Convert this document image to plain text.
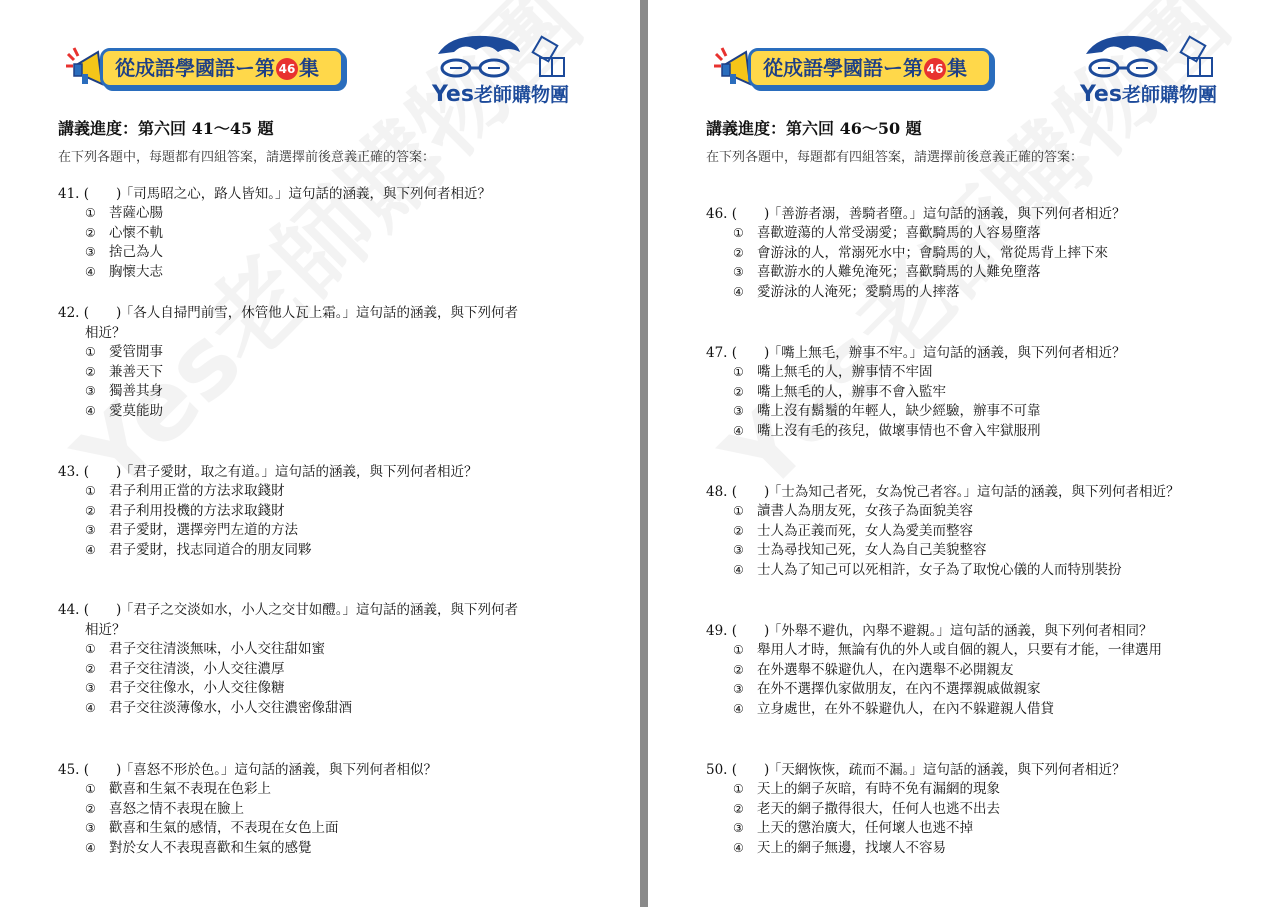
從成語學國語ー第 46 集
Yes老師購物團
講義進度：第六回 41～45 題
在下列各題中，每題都有四組答案，請選擇前後意義正確的答案：
41. (　　)「司馬昭之心，路人皆知。」這句話的涵義，與下列何者相近？
① 菩薩心腸
② 心懷不軌
③ 捨己為人
④ 胸懷大志
42. (　　)「各人自掃門前雪，休管他人瓦上霜。」這句話的涵義，與下列何者
相近？
① 愛管閒事
② 兼善天下
③ 獨善其身
④ 愛莫能助
43. (　　)「君子愛財，取之有道。」這句話的涵義，與下列何者相近？
① 君子利用正當的方法求取錢財
② 君子利用投機的方法求取錢財
③ 君子愛財，選擇旁門左道的方法
④ 君子愛財，找志同道合的朋友同夥
44. (　　)「君子之交淡如水，小人之交甘如醴。」這句話的涵義，與下列何者
相近？
① 君子交往清淡無味，小人交往甜如蜜
② 君子交往清淡，小人交往濃厚
③ 君子交往像水，小人交往像糖
④ 君子交往淡薄像水，小人交往濃密像甜酒
45. (　　)「喜怒不形於色。」這句話的涵義，與下列何者相似？
① 歡喜和生氣不表現在色彩上
② 喜怒之情不表現在臉上
③ 歡喜和生氣的感情，不表現在女色上面
④ 對於女人不表現喜歡和生氣的感覺
從成語學國語ー第 46 集
Yes老師購物團
講義進度：第六回 46～50 題
在下列各題中，每題都有四組答案，請選擇前後意義正確的答案：
46. (　　)「善游者溺，善騎者墮。」這句話的涵義，與下列何者相近？
① 喜歡遊蕩的人常受溺愛；喜歡騎馬的人容易墮落
② 會游泳的人，常溺死水中；會騎馬的人，常從馬背上摔下來
③ 喜歡游水的人難免淹死；喜歡騎馬的人難免墮落
④ 愛游泳的人淹死；愛騎馬的人摔落
47. (　　)「嘴上無毛，辦事不牢。」這句話的涵義，與下列何者相近？
① 嘴上無毛的人，辦事情不牢固
② 嘴上無毛的人，辦事不會入監牢
③ 嘴上沒有鬍鬚的年輕人，缺少經驗，辦事不可靠
④ 嘴上沒有毛的孩兒，做壞事情也不會入牢獄服刑
48. (　　)「士為知己者死，女為悅己者容。」這句話的涵義，與下列何者相近？
① 讀書人為朋友死，女孩子為面貌美容
② 士人為正義而死，女人為愛美而整容
③ 士為尋找知己死，女人為自己美貌整容
④ 士人為了知己可以死相許，女子為了取悅心儀的人而特別裝扮
49. (　　)「外舉不避仇，內舉不避親。」這句話的涵義，與下列何者相同？
① 舉用人才時，無論有仇的外人或自個的親人，只要有才能，一律選用
② 在外選舉不躲避仇人，在內選舉不必開親友
③ 在外不選擇仇家做朋友，在內不選擇親戚做親家
④ 立身處世，在外不躲避仇人，在內不躲避親人借貸
50. (　　)「天網恢恢，疏而不漏。」這句話的涵義，與下列何者相近？
① 天上的網子灰暗，有時不免有漏網的現象
② 老天的網子撒得很大，任何人也逃不出去
③ 上天的懲治廣大，任何壞人也逃不掉
④ 天上的網子無邊，找壞人不容易
